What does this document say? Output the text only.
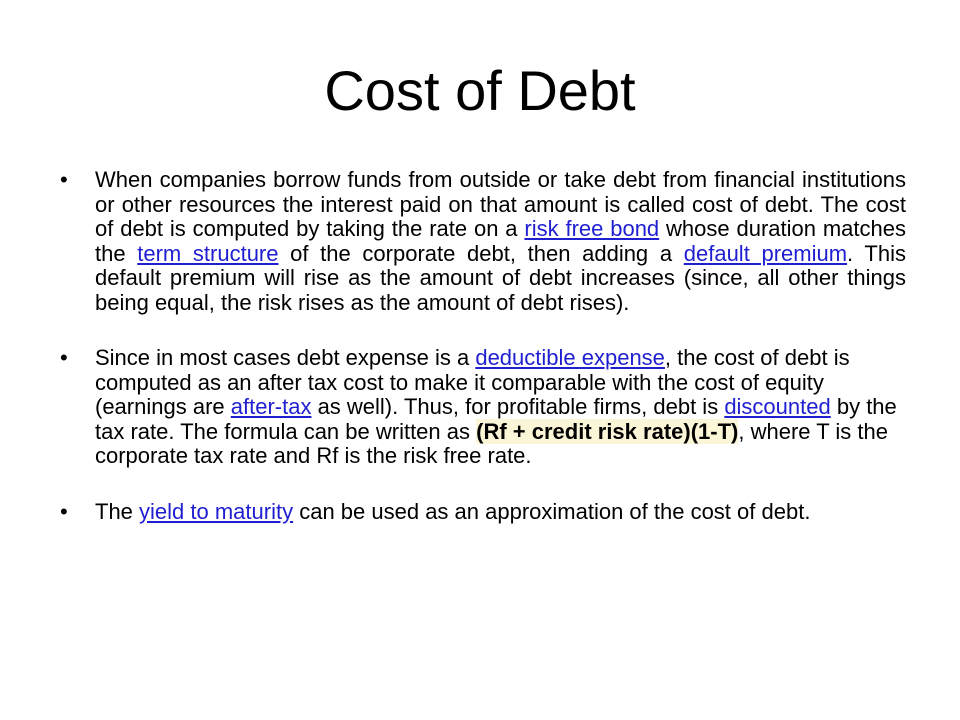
Cost of Debt
• When companies borrow funds from outside or take debt from financial institutions or other resources the interest paid on that amount is called cost of debt. The cost of debt is computed by taking the rate on a risk free bond whose duration matches the term structure of the corporate debt, then adding a default premium. This default premium will rise as the amount of debt increases (since, all other things being equal, the risk rises as the amount of debt rises).
• Since in most cases debt expense is a deductible expense, the cost of debt is computed as an after tax cost to make it comparable with the cost of equity (earnings are after-tax as well). Thus, for profitable firms, debt is discounted by the tax rate. The formula can be written as (Rf + credit risk rate)(1-T), where T is the corporate tax rate and Rf is the risk free rate.
• The yield to maturity can be used as an approximation of the cost of debt.
